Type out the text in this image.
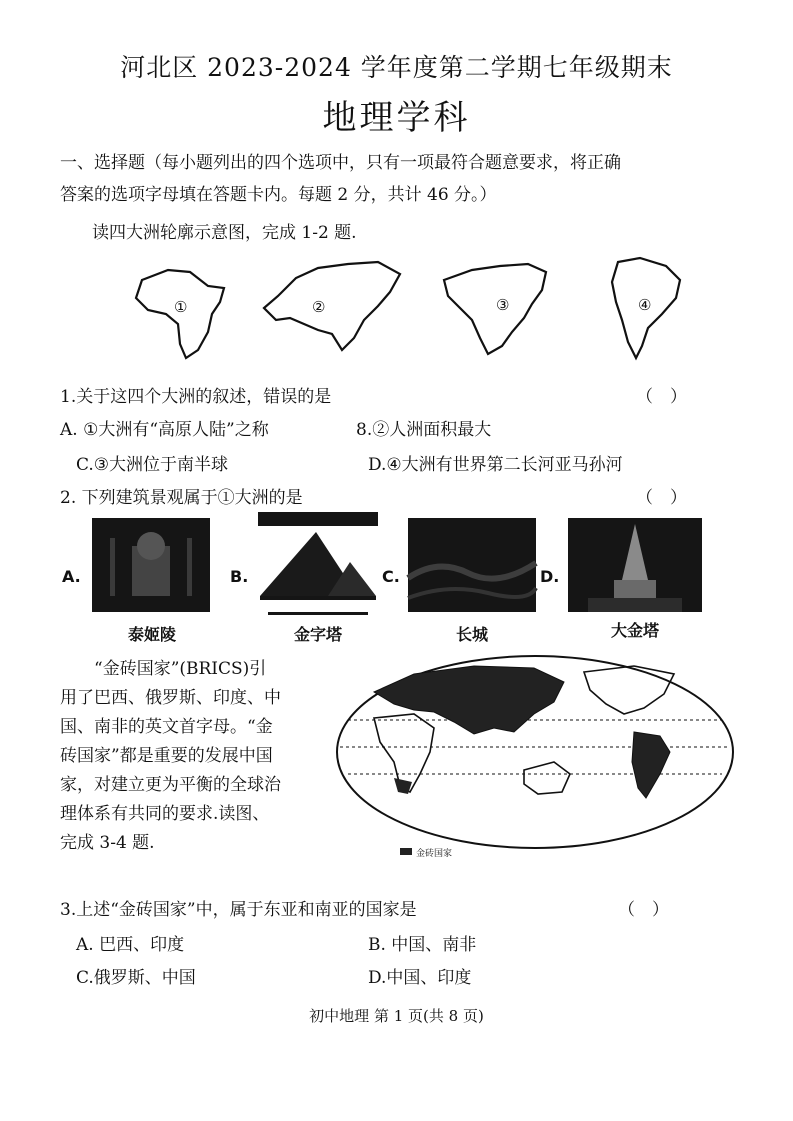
河北区 2023-2024 学年度第二学期七年级期末
地理学科
一、选择题（每小题列出的四个选项中，只有一项最符合题意要求，将正确
答案的选项字母填在答题卡内。每题 2 分，共计 46 分。）
读四大洲轮廓示意图，完成 1-2 题.
①	②	③	④
1.关于这四个大洲的叙述，错误的是	（　）
A. ①大洲有“高原人陆”之称	8.②人洲面积最大
C.③大洲位于南半球	D.④大洲有世界第二长河亚马孙河
2. 下列建筑景观属于①大洲的是	（　）
A.
泰姬陵
B.
金字塔
C.
长城
D.
大金塔
　　“金砖国家”(BRICS)引
用了巴西、俄罗斯、印度、中
国、南非的英文首字母。“金
砖国家”都是重要的发展中国
家，对建立更为平衡的全球治
理体系有共同的要求.读图、
完成 3-4 题.
金砖国家
3.上述“金砖国家”中，属于东亚和南亚的国家是	（　）
A. 巴西、印度	B. 中国、南非
C.俄罗斯、中国	D.中国、印度
初中地理 第 1 页(共 8 页)
